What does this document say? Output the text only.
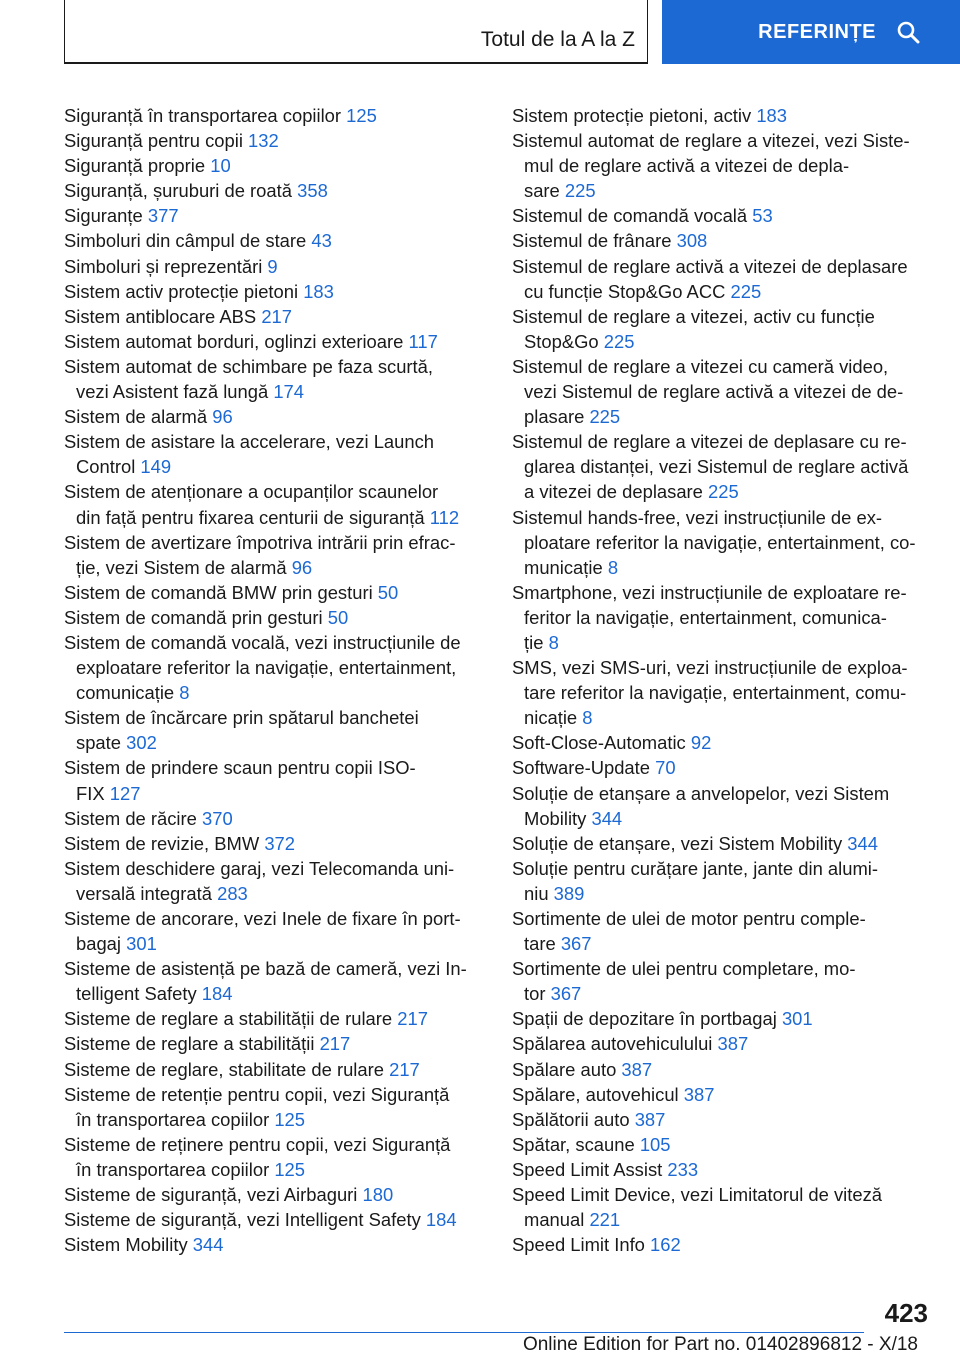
Totul de la A la Z	REFERINȚE
Siguranță în transportarea copiilor 125
Siguranță pentru copii 132
Siguranță proprie 10
Siguranță, șuruburi de roată 358
Siguranțe 377
Simboluri din câmpul de stare 43
Simboluri și reprezentări 9
Sistem activ protecție pietoni 183
Sistem antiblocare ABS 217
Sistem automat borduri, oglinzi exterioare 117
Sistem automat de schimbare pe faza scurtă,
vezi Asistent fază lungă 174
Sistem de alarmă 96
Sistem de asistare la accelerare, vezi Launch
Control 149
Sistem de atenționare a ocupanților scaunelor
din față pentru fixarea centurii de siguranță 112
Sistem de avertizare împotriva intrării prin efrac-
ție, vezi Sistem de alarmă 96
Sistem de comandă BMW prin gesturi 50
Sistem de comandă prin gesturi 50
Sistem de comandă vocală, vezi instrucțiunile de
exploatare referitor la navigație, entertainment,
comunicație 8
Sistem de încărcare prin spătarul banchetei
spate 302
Sistem de prindere scaun pentru copii ISO-
FIX 127
Sistem de răcire 370
Sistem de revizie, BMW 372
Sistem deschidere garaj, vezi Telecomanda uni-
versală integrată 283
Sisteme de ancorare, vezi Inele de fixare în port-
bagaj 301
Sisteme de asistență pe bază de cameră, vezi In-
telligent Safety 184
Sisteme de reglare a stabilității de rulare 217
Sisteme de reglare a stabilității 217
Sisteme de reglare, stabilitate de rulare 217
Sisteme de retenție pentru copii, vezi Siguranță
în transportarea copiilor 125
Sisteme de reținere pentru copii, vezi Siguranță
în transportarea copiilor 125
Sisteme de siguranță, vezi Airbaguri 180
Sisteme de siguranță, vezi Intelligent Safety 184
Sistem Mobility 344
Sistem protecție pietoni, activ 183
Sistemul automat de reglare a vitezei, vezi Siste-
mul de reglare activă a vitezei de depla-
sare 225
Sistemul de comandă vocală 53
Sistemul de frânare 308
Sistemul de reglare activă a vitezei de deplasare
cu funcție Stop&Go ACC 225
Sistemul de reglare a vitezei, activ cu funcție
Stop&Go 225
Sistemul de reglare a vitezei cu cameră video,
vezi Sistemul de reglare activă a vitezei de de-
plasare 225
Sistemul de reglare a vitezei de deplasare cu re-
glarea distanței, vezi Sistemul de reglare activă
a vitezei de deplasare 225
Sistemul hands-free, vezi instrucțiunile de ex-
ploatare referitor la navigație, entertainment, co-
municație 8
Smartphone, vezi instrucțiunile de exploatare re-
feritor la navigație, entertainment, comunica-
ție 8
SMS, vezi SMS-uri, vezi instrucțiunile de exploa-
tare referitor la navigație, entertainment, comu-
nicație 8
Soft-Close-Automatic 92
Software-Update 70
Soluție de etanșare a anvelopelor, vezi Sistem
Mobility 344
Soluție de etanșare, vezi Sistem Mobility 344
Soluție pentru curățare jante, jante din alumi-
niu 389
Sortimente de ulei de motor pentru comple-
tare 367
Sortimente de ulei pentru completare, mo-
tor 367
Spații de depozitare în portbagaj 301
Spălarea autovehiculului 387
Spălare auto 387
Spălare, autovehicul 387
Spălătorii auto 387
Spătar, scaune 105
Speed Limit Assist 233
Speed Limit Device, vezi Limitatorul de viteză
manual 221
Speed Limit Info 162
423
Online Edition for Part no. 01402896812 - X/18
